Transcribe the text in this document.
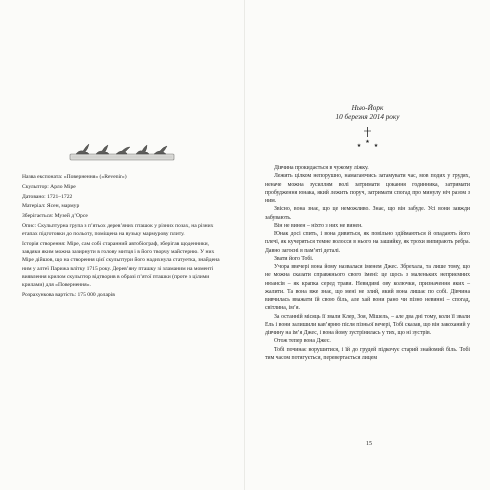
Назва експоната: «Повернення» («Revenir»)

Скульптор: Арло Міре

Датовано: 1721–1722

Матеріал: Ясен, мармур

Зберігається: Музей д’Орсе

Опис: Скульптурна група з п’ятьох дерев’яних пташок у різних позах, на різних етапах підготовки до польоту, поміщена на вузьку мармурову плиту.

Історія створення: Міре, сам собі старанний автобіограф, зберігав щоденники, завдяки яким можна зазирнути в голову митця і в його творчу майстерню. У них Міре дійшов, що на створення цієї скульптури його надихнула статуетка, знайдена ним у алтеї Парижа влітку 1715 року. Дерев’яну пташку зі зламаним на моменті виявлення крилом скульптор відтворив в образі п’ятої пташки (проте з цілими крилами) для «Повернення».

Розрахункова вартість: 175 000 доларів

Нью-Йорк
10 березня 2014 року
★
★	★

Дівчина прокидається в чужому ліжку.

Лежить цілком непорушно, намагаючись затамувати час, мов подих у грудях, неначе можна зусиллям волі затримати цокання годинника, затримати пробудження юнака, який лежить поруч, затримати спогад про минулу ніч разом з ним.

Звісно, вона знає, що це неможливо. Знає, що він забуде. Усі вони завжди забувають.

Він не винен – ніхто з них не винен.

Юнак досі спить, і вона дивиться, як повільно здіймаються й опадають його плечі, як кучеряться темне волосся в нього на зашийку, як трохи випирають ребра. Давно загоєні в пам’яті деталі.

Звати його Тобі.

Учора ввечері вона йому назвалася іменем Джес. Збрехала, та лише тому, що не можна сказати справжнього свого імені: це щось з маленьких неприємних нюансів – як крапка серед трави. Невидимі ову колючки, призначення яких – жалити. Та вона вже знає, що мені не злий, який вона лишає по собі. Дівчина вивчилась вважати їй свою біль, але хай вони рано чи пізно невинні – спогад, світлина, ім’я.

За останній місяць її звали Клер, Зоя, Мішель, – але два дні тому, коли її звали Ель і вони залишили кав’ярню після пізньої вечері, Тобі сказав, що він закоханий у дівчину на ім’я Джес, і вона йому зустрінилась у тих, що ні зустрів.

Отож тепер вона Джес.

Тобі починає ворушитися, і їй до грудей підкочує старий знайомий біль. Тобі тим часом потягується, перевертається лицем

15
